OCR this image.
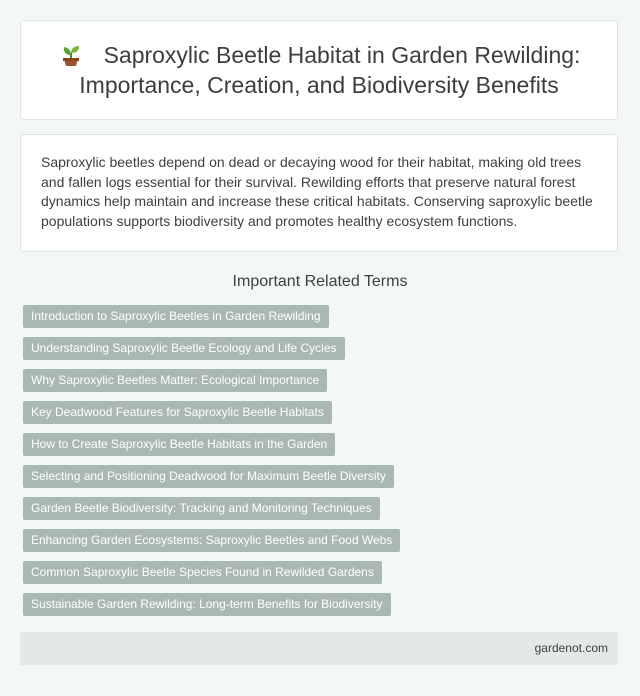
Saproxylic Beetle Habitat in Garden Rewilding: Importance, Creation, and Biodiversity Benefits

Saproxylic beetles depend on dead or decaying wood for their habitat, making old trees and fallen logs essential for their survival. Rewilding efforts that preserve natural forest dynamics help maintain and increase these critical habitats. Conserving saproxylic beetle populations supports biodiversity and promotes healthy ecosystem functions.

Important Related Terms
Introduction to Saproxylic Beetles in Garden Rewilding
Understanding Saproxylic Beetle Ecology and Life Cycles
Why Saproxylic Beetles Matter: Ecological Importance
Key Deadwood Features for Saproxylic Beetle Habitats
How to Create Saproxylic Beetle Habitats in the Garden
Selecting and Positioning Deadwood for Maximum Beetle Diversity
Garden Beetle Biodiversity: Tracking and Monitoring Techniques
Enhancing Garden Ecosystems: Saproxylic Beetles and Food Webs
Common Saproxylic Beetle Species Found in Rewilded Gardens
Sustainable Garden Rewilding: Long-term Benefits for Biodiversity
gardenot.com
